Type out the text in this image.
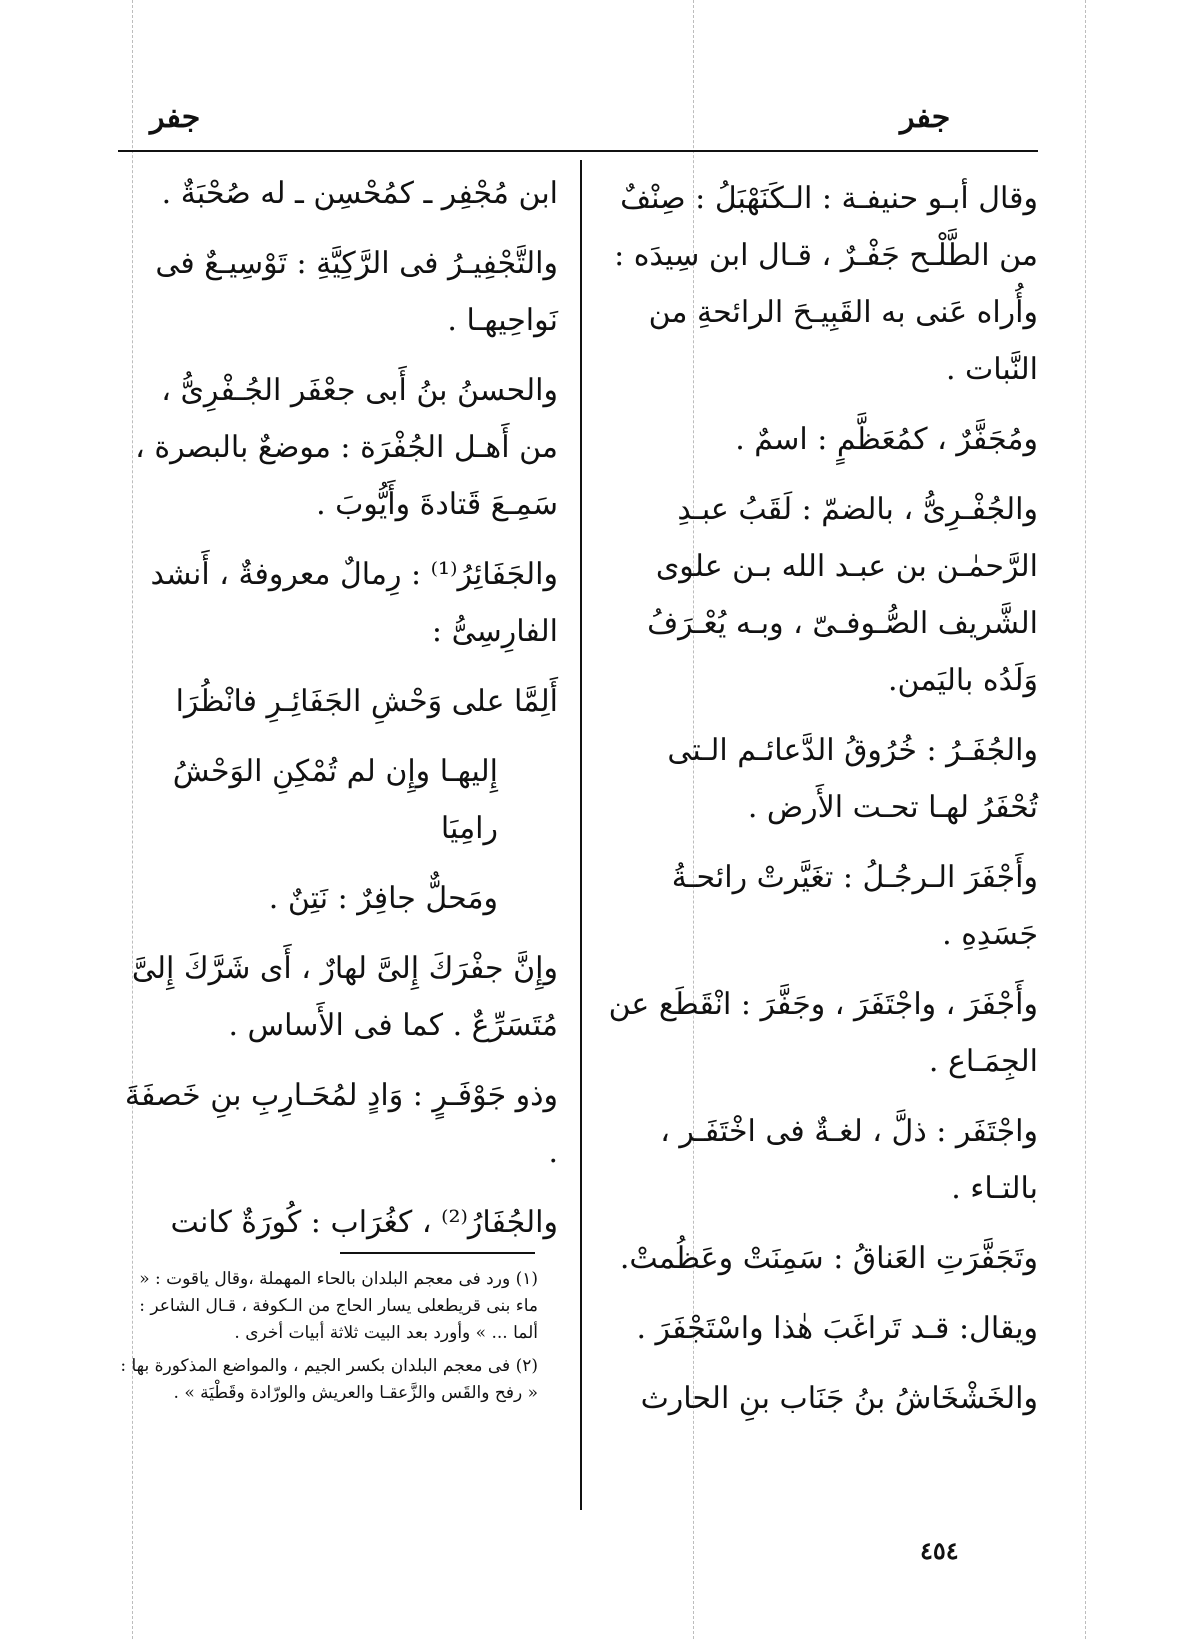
جفر	جفر

وقال أبـو حنيفـة : الـكَنَهْبَلُ : صِنْفٌ من الطَّلْـح جَفْـرٌ ، قـال ابن سِيدَه : وأُراه عَنى به القَبِيـحَ الرائحةِ من النَّبات .

ومُجَفَّرٌ ، كمُعَظَّمٍ : اسمٌ .

والجُفْـرِىُّ ، بالضمّ : لَقَبُ عبـدِ الرَّحمٰـن بن عبـد الله بـن علوى الشَّريف الصُّـوفـىّ ، وبـه يُعْـرَفُ وَلَدُه باليَمن.

والجُفَـرُ : خُرُوقُ الدَّعائـم الـتى تُحْفَرُ لهـا تحـت الأَرض .

وأَجْفَرَ الـرجُـلُ : تغَيَّرتْ رائحـةُ جَسَدِهِ .

وأَجْفَرَ ، واجْتَفَرَ ، وجَفَّرَ : انْقَطَع عن الجِمَـاع .

واجْتَفَر : ذلَّ ، لغـةٌ فى اخْتَفَـر ، بالتـاء .

وتَجَفَّرَتِ العَناقُ : سَمِنَتْ وعَظُمتْ.

ويقال: قـد تَراغَبَ هٰذا واسْتَجْفَرَ .

والخَشْخَاشُ بنُ جَنَاب بنِ الحارث

ابن مُجْفِر ـ كمُحْسِن ـ له صُحْبَةٌ .

والتَّجْفِيـرُ فى الرَّكِيَّةِ : تَوْسِيـعٌ فى نَواحِيهـا .

والحسنُ بنُ أَبى جعْفَر الجُـفْرِىُّ ، من أَهـل الجُفْرَة : موضعٌ بالبصرة ، سَمِـعَ قَتادةَ وأَيُّوبَ .

والجَفَائِرُ⁽¹⁾ : رِمالٌ معروفةٌ ، أَنشد الفارِسِىُّ :

أَلِمَّا على وَحْشِ الجَفَائِـرِ فانْظُرَا

إِليهـا وإِن لم تُمْكِنِ الوَحْشُ رامِيَا

ومَحلٌّ جافِرٌ : نَتِنٌ .

وإِنَّ جفْرَكَ إِلىَّ لهارٌ ، أَى شَرَّكَ إِلىَّ مُتَسَرِّعٌ . كما فى الأَساس .

وذو جَوْفَـرٍ : وَادٍ لمُحَـارِبِ بنِ خَصفَةَ .

والجُفَارُ⁽²⁾ ، كغُرَاب : كُورَةٌ كانت

(١) ورد فى معجم البلدان بالحاء المهملة ،وقال ياقوت : « ماء بنى قريطعلى يسار الحاج من الـكوفة ، قـال الشاعر : ألما ... » وأورد بعد البيت ثلاثة أبيات أخرى .

(٢) فى معجم البلدان بكسر الجيم ، والمواضع المذكورة بها : « رفح والقَس والزَّعقـا والعريش والورّادة وقَطْيَة » .

٤٥٤
